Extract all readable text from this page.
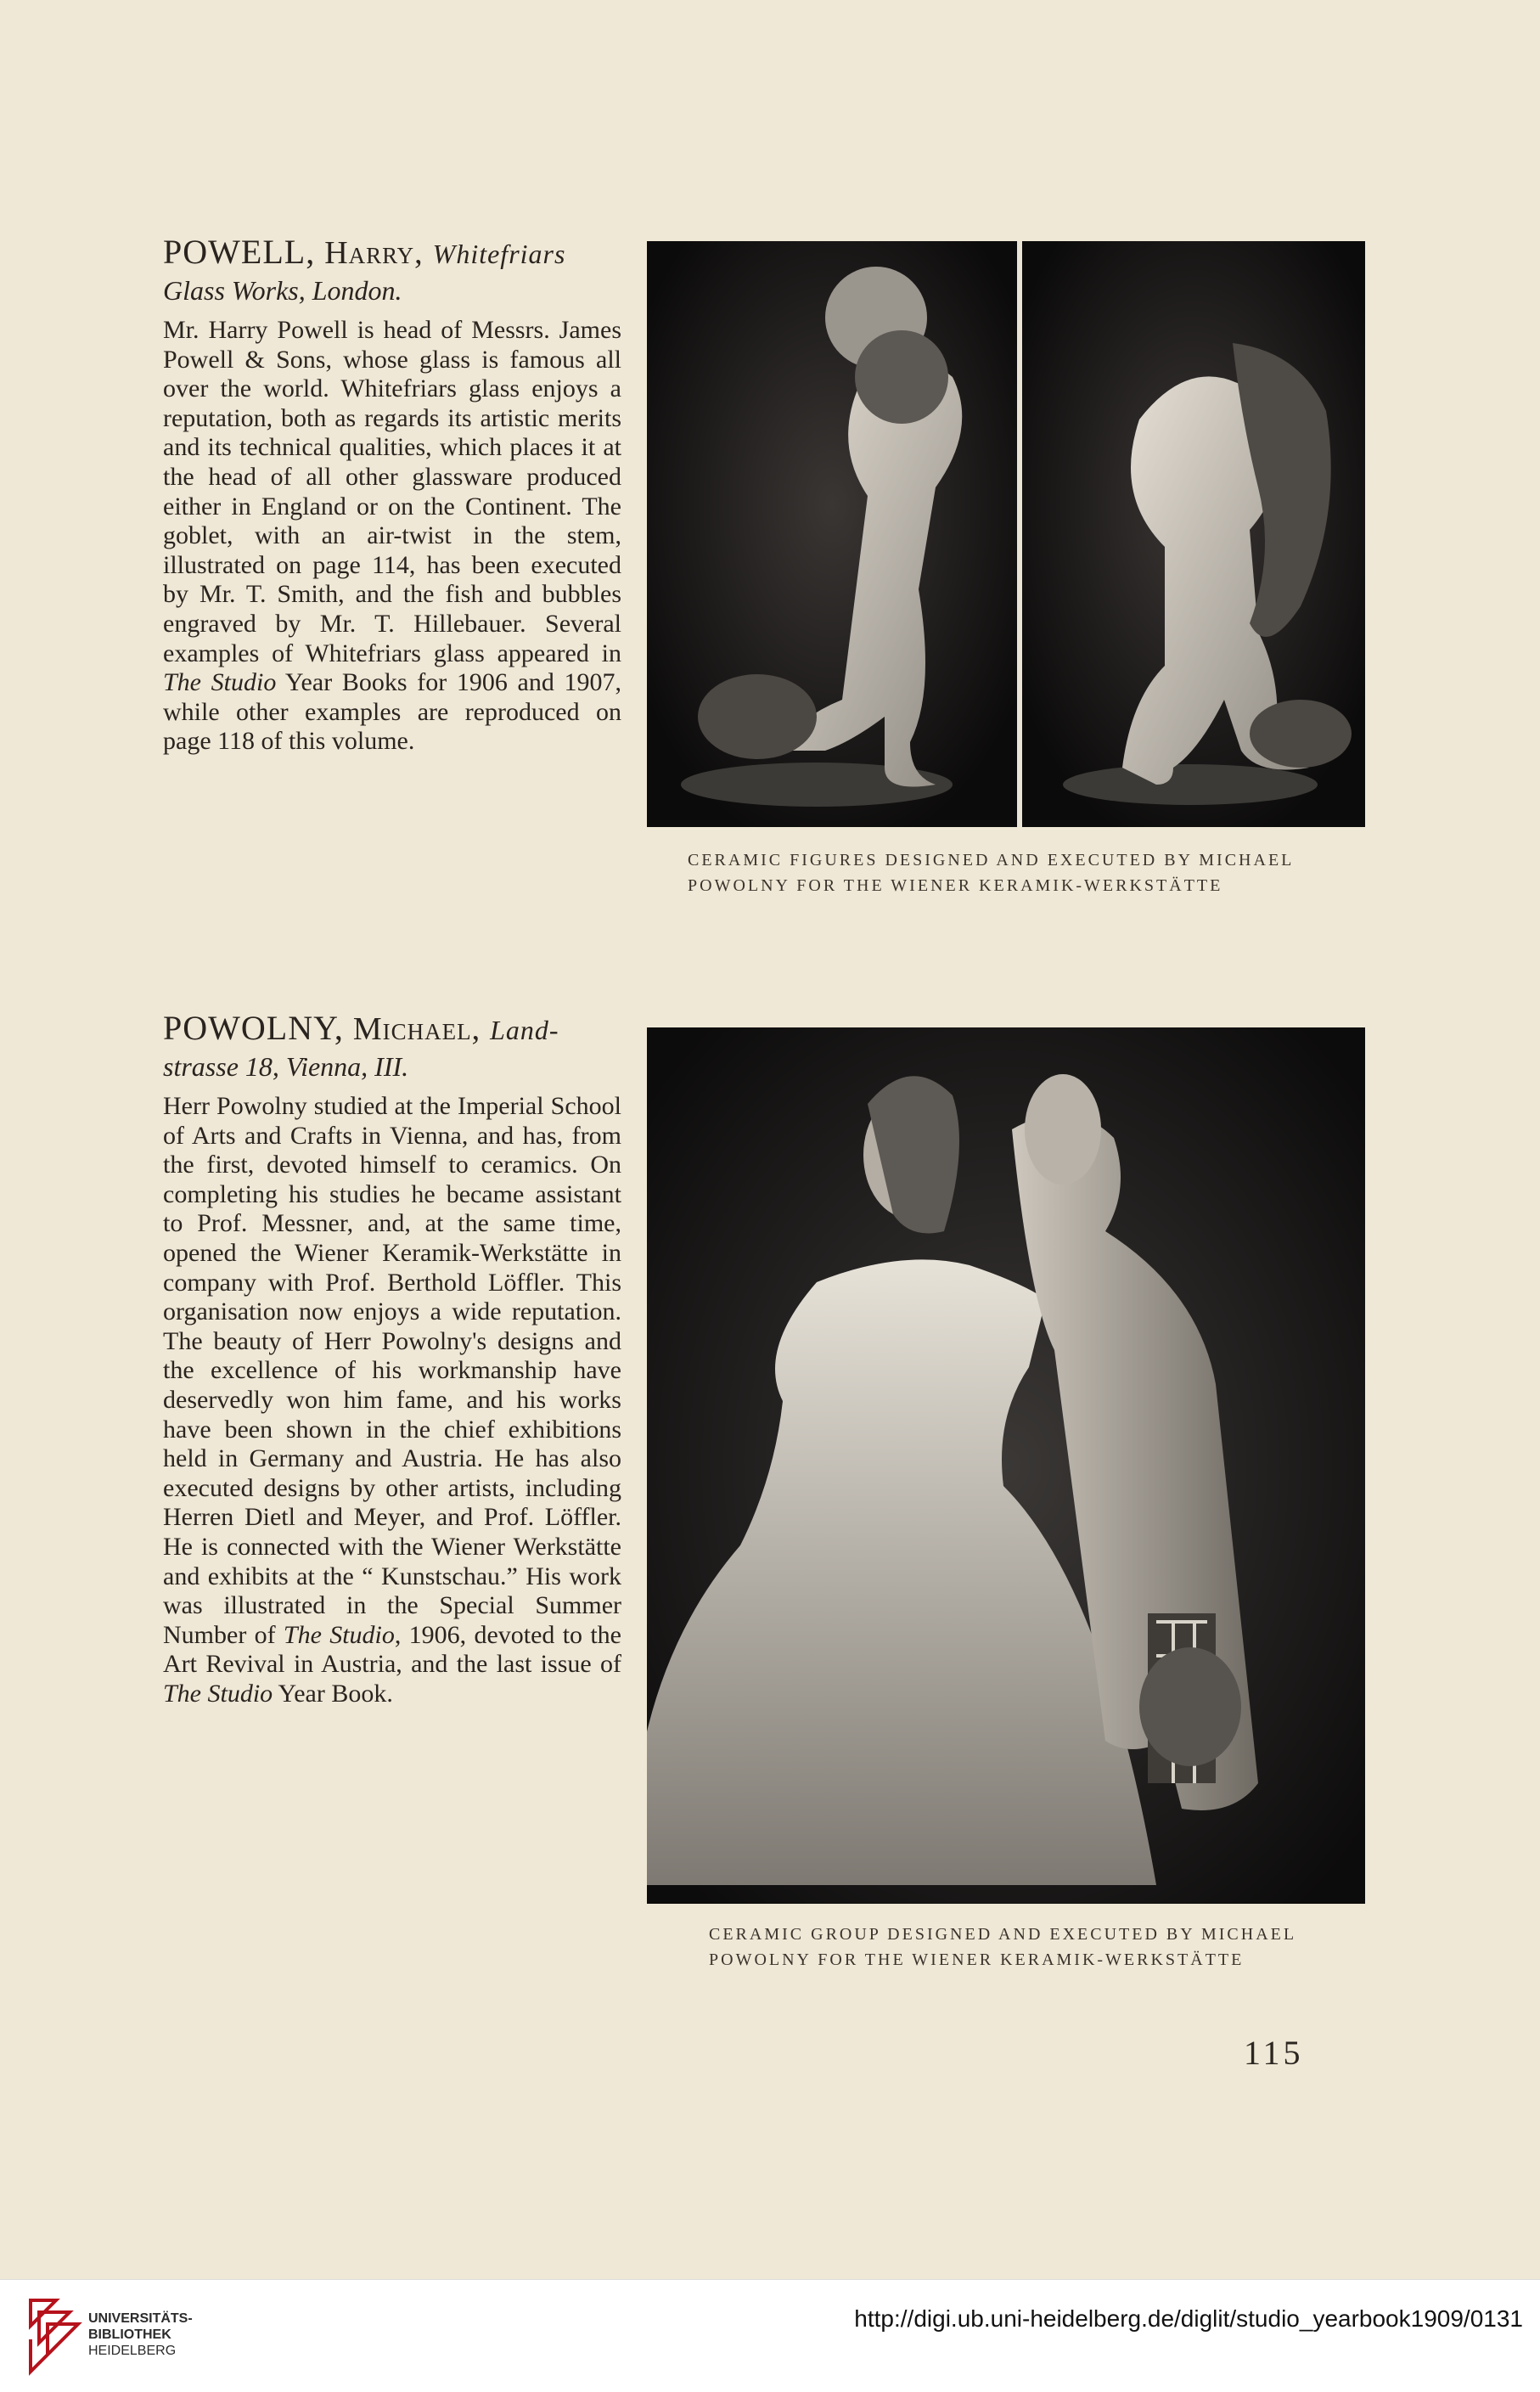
POWELL, Harry, Whitefriars
Glass Works, London.

Mr. Harry Powell is head of Messrs. James Powell & Sons, whose glass is famous all over the world. Whitefriars glass enjoys a reputation, both as regards its artistic merits and its technical qualities, which places it at the head of all other glassware produced either in England or on the Continent. The goblet, with an air-twist in the stem, illustrated on page 114, has been executed by Mr. T. Smith, and the fish and bubbles engraved by Mr. T. Hillebauer. Several examples of Whitefriars glass appeared in The Studio Year Books for 1906 and 1907, while other examples are reproduced on page 118 of this volume.

POWOLNY, Michael, Land-
strasse 18, Vienna, III.

Herr Powolny studied at the Imperial School of Arts and Crafts in Vienna, and has, from the first, devoted himself to ceramics. On completing his studies he became assistant to Prof. Messner, and, at the same time, opened the Wiener Keramik-Werkstätte in company with Prof. Berthold Löffler. This organisation now enjoys a wide reputation. The beauty of Herr Powolny's designs and the excellence of his workmanship have deservedly won him fame, and his works have been shown in the chief exhibitions held in Germany and Austria. He has also executed designs by other artists, including Herren Dietl and Meyer, and Prof. Löffler. He is connected with the Wiener Werkstätte and exhibits at the “ Kunstschau.” His work was illustrated in the Special Summer Number of The Studio, 1906, devoted to the Art Revival in Austria, and the last issue of The Studio Year Book.

CERAMIC FIGURES DESIGNED AND EXECUTED BY MICHAEL
POWOLNY FOR THE WIENER KERAMIK-WERKSTÄTTE
CERAMIC GROUP DESIGNED AND EXECUTED BY MICHAEL
POWOLNY FOR THE WIENER KERAMIK-WERKSTÄTTE
115
UNIVERSITÄTS-
BIBLIOTHEK
HEIDELBERG
http://digi.ub.uni-heidelberg.de/diglit/studio_yearbook1909/0131
